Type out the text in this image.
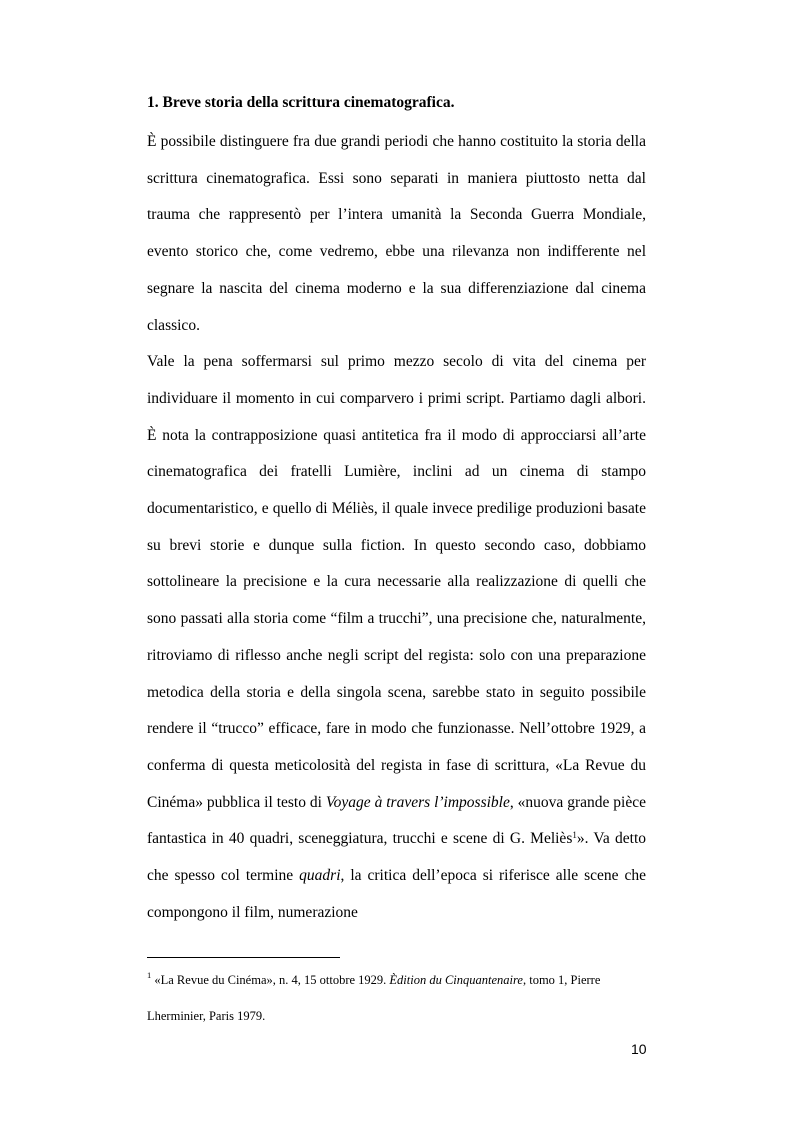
1. Breve storia della scrittura cinematografica.

È possibile distinguere fra due grandi periodi che hanno costituito la storia della scrittura cinematografica. Essi sono separati in maniera piuttosto netta dal trauma che rappresentò per l’intera umanità la Seconda Guerra Mondiale, evento storico che, come vedremo, ebbe una rilevanza non indifferente nel segnare la nascita del cinema moderno e la sua differenziazione dal cinema classico.

Vale la pena soffermarsi sul primo mezzo secolo di vita del cinema per individuare il momento in cui comparvero i primi script. Partiamo dagli albori. È nota la contrapposizione quasi antitetica fra il modo di approcciarsi all’arte cinematografica dei fratelli Lumière, inclini ad un cinema di stampo documentaristico, e quello di Méliès, il quale invece predilige produzioni basate su brevi storie e dunque sulla fiction. In questo secondo caso, dobbiamo sottolineare la precisione e la cura necessarie alla realizzazione di quelli che sono passati alla storia come “film a trucchi”, una precisione che, naturalmente, ritroviamo di riflesso anche negli script del regista: solo con una preparazione metodica della storia e della singola scena, sarebbe stato in seguito possibile rendere il “trucco” efficace, fare in modo che funzionasse. Nell’ottobre 1929, a conferma di questa meticolosità del regista in fase di scrittura, «La Revue du Cinéma» pubblica il testo di Voyage à travers l’impossible, «nuova grande pièce fantastica in 40 quadri, sceneggiatura, trucchi e scene di G. Meliès$^1$». Va detto che spesso col termine quadri, la critica dell’epoca si riferisce alle scene che compongono il film, numerazione

$^1$ «La Revue du Cinéma», n. 4, 15 ottobre 1929. Èdition du Cinquantenaire, tomo 1, Pierre Lherminier, Paris 1979.
10
